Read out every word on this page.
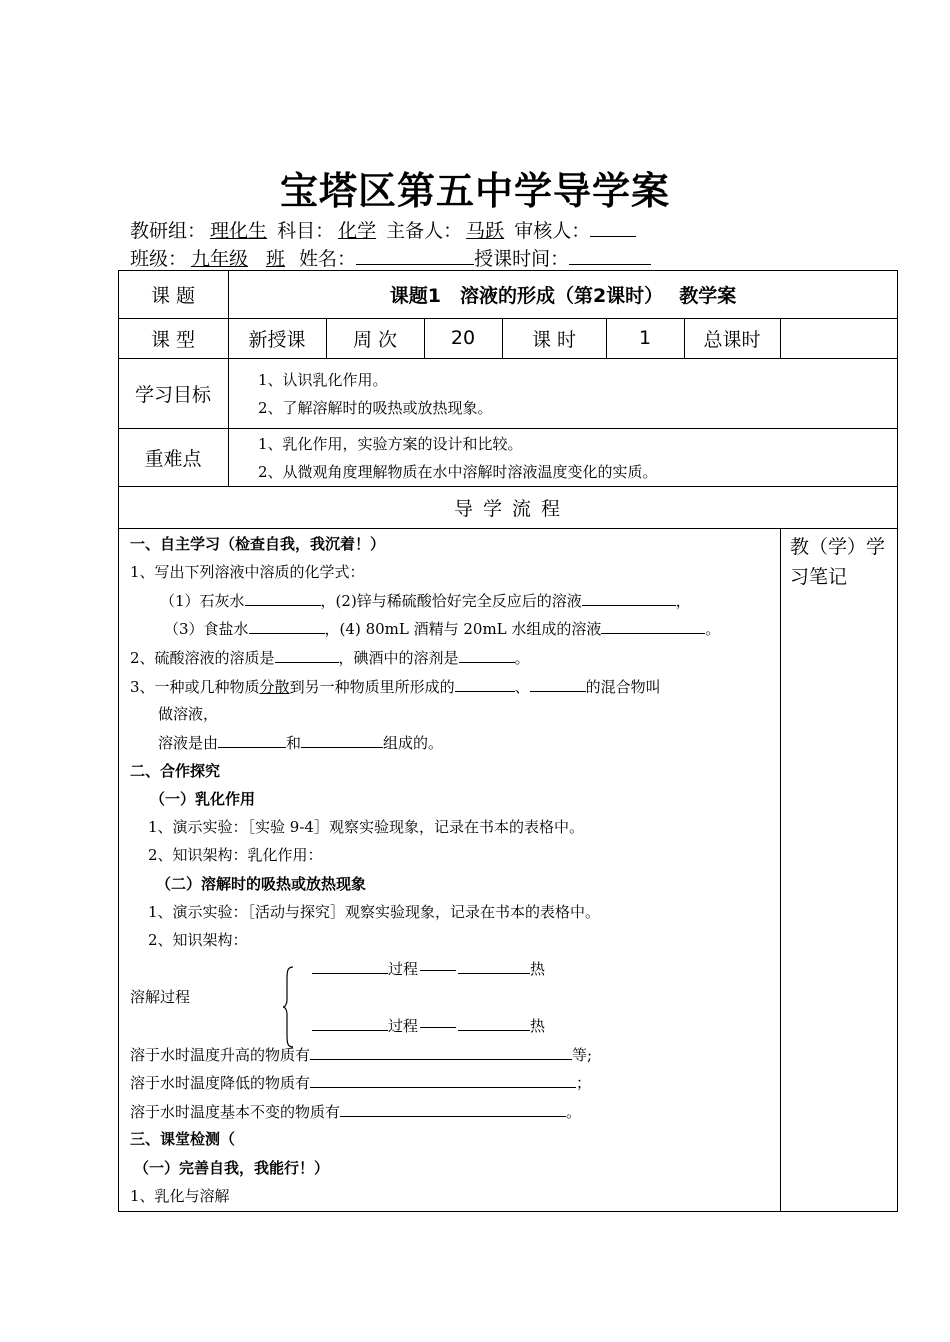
宝塔区第五中学导学案
教研组： 理化生 科目： 化学 主备人： 马跃 审核人：
班级： 九年级 班 姓名：	授课时间：
课 题	课题1　溶液的形成（第2课时）　 教学案
课 型	新授课	周 次	20	课 时	1	总课时
学习目标
1、认识乳化作用。
2、了解溶解时的吸热或放热现象。
重难点
1、乳化作用，实验方案的设计和比较。
2、从微观角度理解物质在水中溶解时溶液温度变化的实质。
导 学 流 程
教（学）学习笔记
一、自主学习（检查自我，我沉着！）
1、写出下列溶液中溶质的化学式：
（1）石灰水	，(2)锌与稀硫酸恰好完全反应后的溶液	，
（3）食盐水	，(4) 80mL 酒精与 20mL 水组成的溶液	。
2、硫酸溶液的溶质是	，碘酒中的溶剂是	。
3、一种或几种物质分散到另一种物质里所形成的	、	的混合物叫
做溶液，
溶液是由	和	组成的。
二、合作探究
（一）乳化作用
1、演示实验：［实验 9-4］观察实验现象，记录在书本的表格中。
2、知识架构：乳化作用：
（二）溶解时的吸热或放热现象
1、演示实验：［活动与探究］观察实验现象，记录在书本的表格中。
2、知识架构：
溶解过程
过程	热
过程	热
溶于水时温度升高的物质有	等;
溶于水时温度降低的物质有	；
溶于水时温度基本不变的物质有	。
三、课堂检测（
（一）完善自我，我能行！）
1、乳化与溶解
